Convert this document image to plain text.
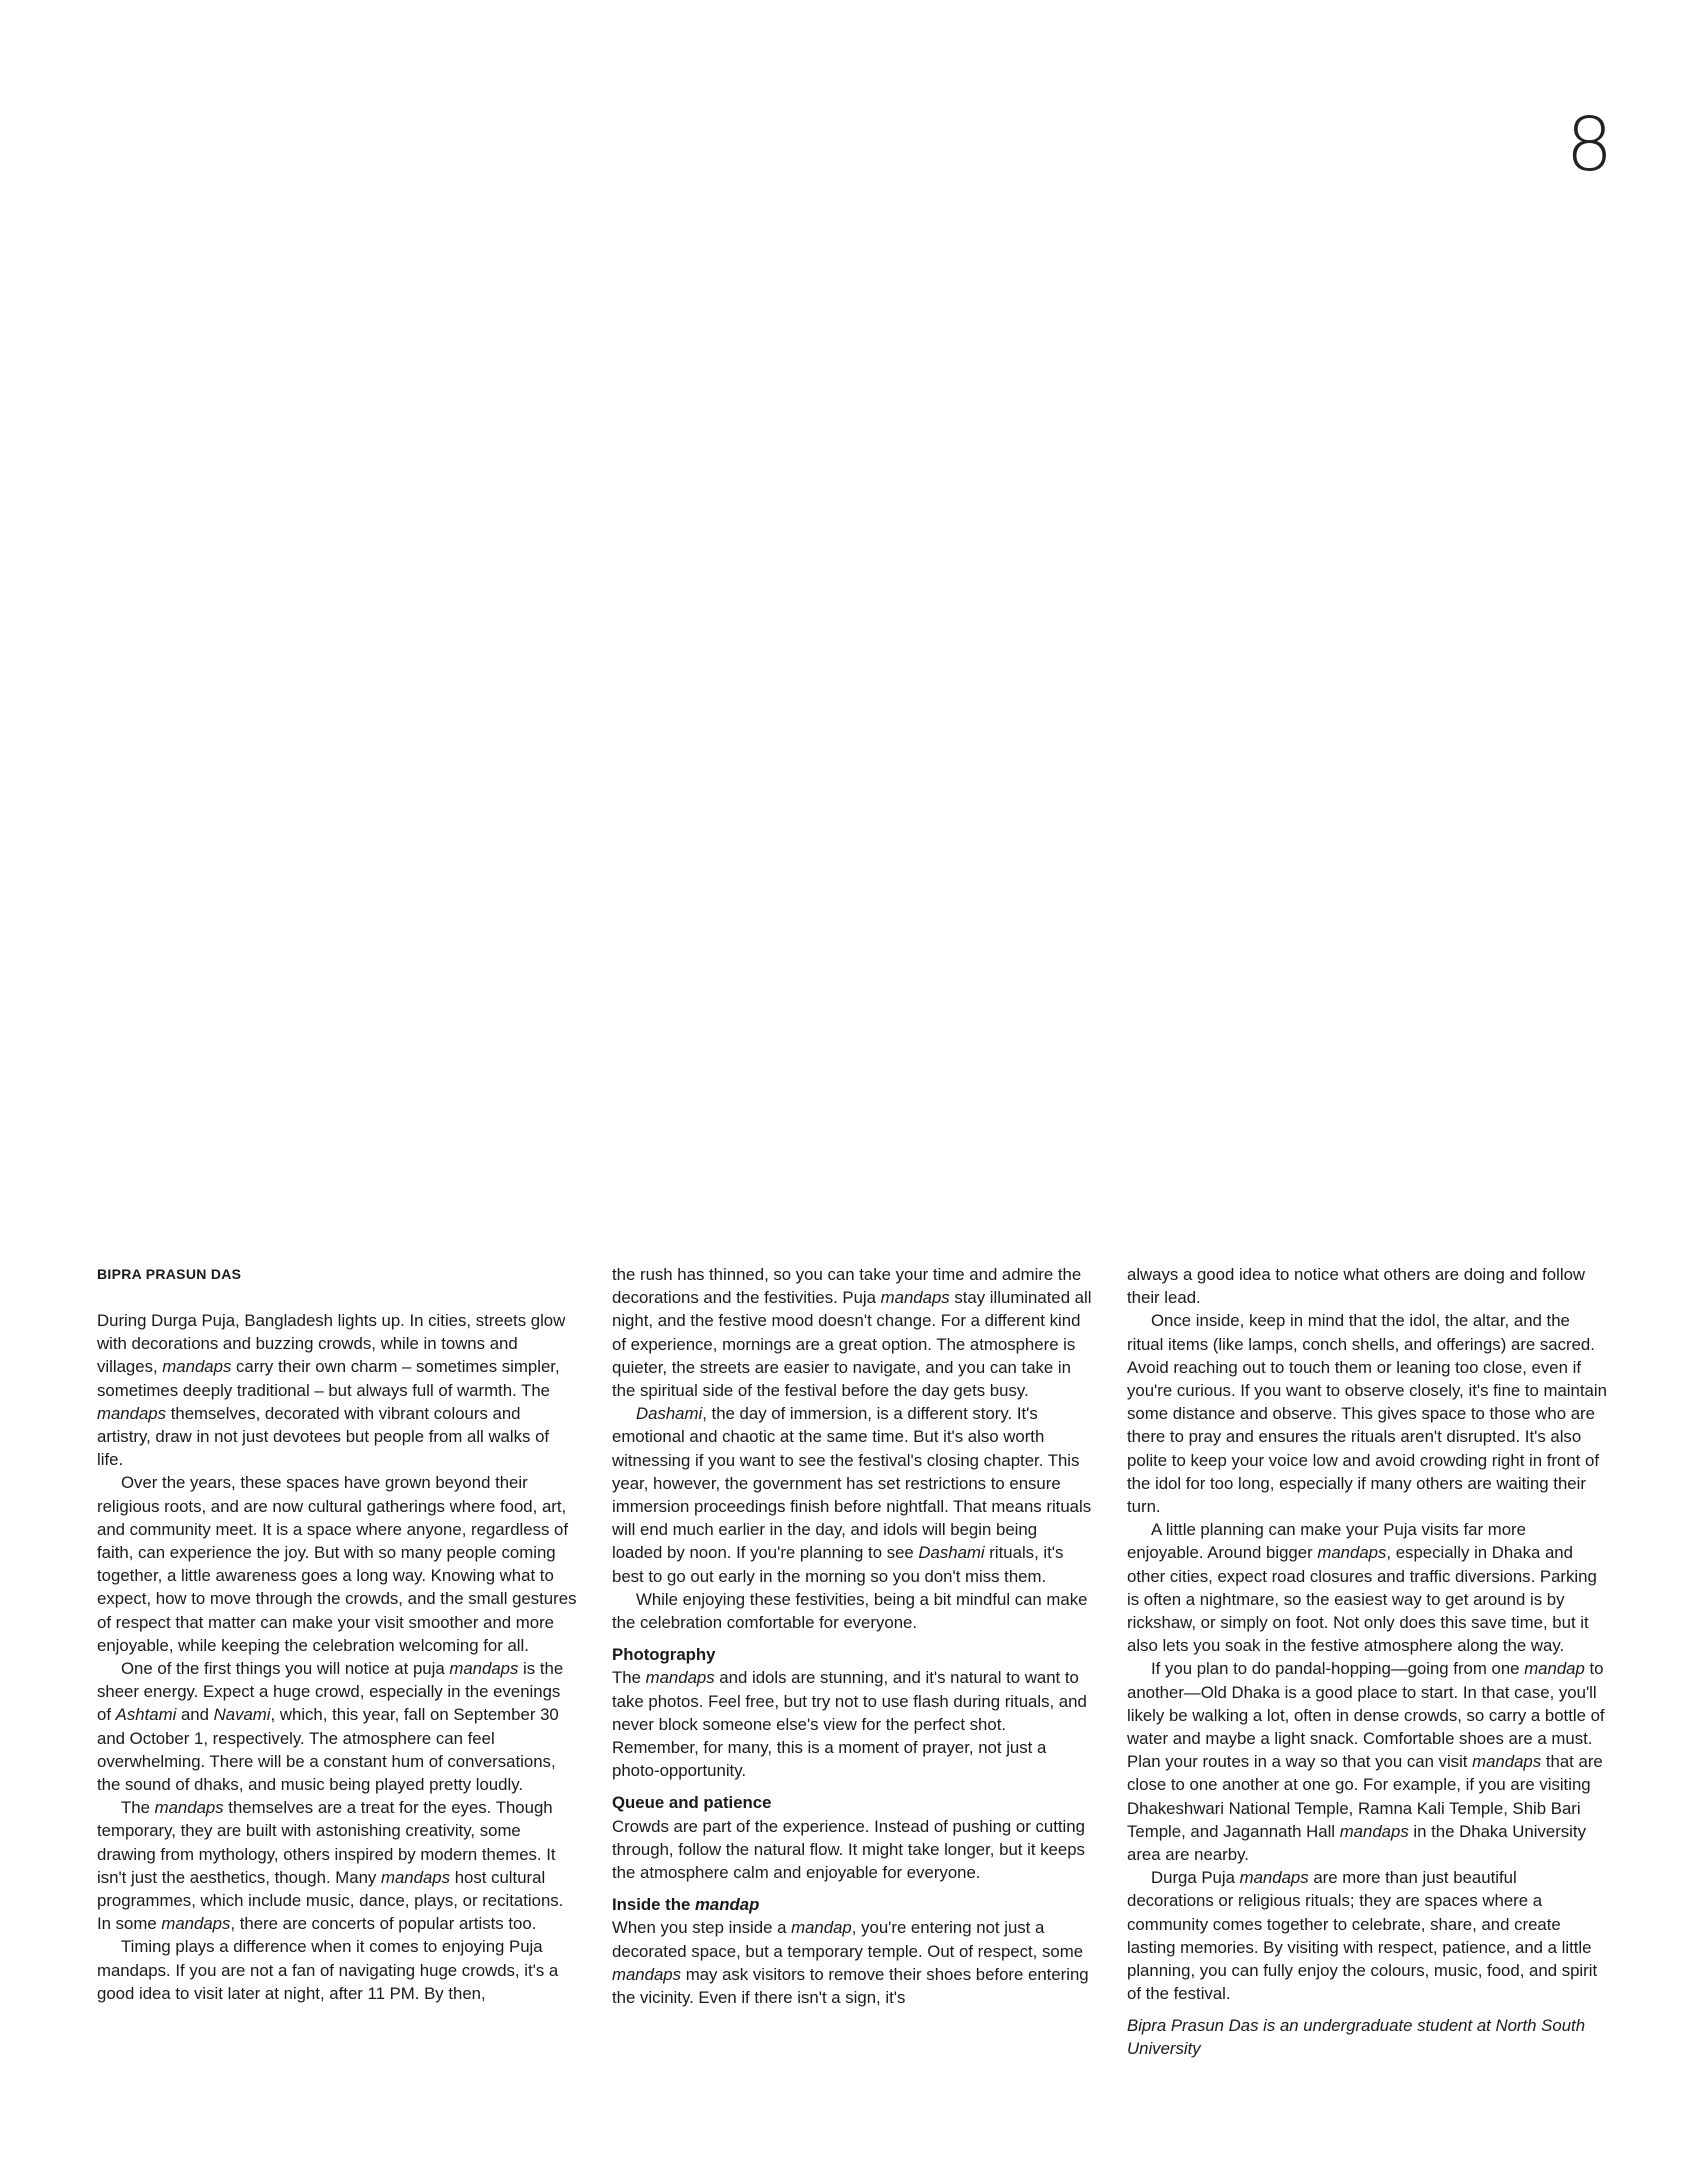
8
BIPRA PRASUN DAS

During Durga Puja, Bangladesh lights up. In cities, streets glow with decorations and buzzing crowds, while in towns and villages, mandaps carry their own charm – sometimes simpler, sometimes deeply traditional – but always full of warmth. The mandaps themselves, decorated with vibrant colours and artistry, draw in not just devotees but people from all walks of life.

Over the years, these spaces have grown beyond their religious roots, and are now cultural gatherings where food, art, and community meet. It is a space where anyone, regardless of faith, can experience the joy. But with so many people coming together, a little awareness goes a long way. Knowing what to expect, how to move through the crowds, and the small gestures of respect that matter can make your visit smoother and more enjoyable, while keeping the celebration welcoming for all.

One of the first things you will notice at puja mandaps is the sheer energy. Expect a huge crowd, especially in the evenings of Ashtami and Navami, which, this year, fall on September 30 and October 1, respectively. The atmosphere can feel overwhelming. There will be a constant hum of conversations, the sound of dhaks, and music being played pretty loudly.

The mandaps themselves are a treat for the eyes. Though temporary, they are built with astonishing creativity, some drawing from mythology, others inspired by modern themes. It isn't just the aesthetics, though. Many mandaps host cultural programmes, which include music, dance, plays, or recitations. In some mandaps, there are concerts of popular artists too.

Timing plays a difference when it comes to enjoying Puja mandaps. If you are not a fan of navigating huge crowds, it's a good idea to visit later at night, after 11 PM. By then,

the rush has thinned, so you can take your time and admire the decorations and the festivities. Puja mandaps stay illuminated all night, and the festive mood doesn't change. For a different kind of experience, mornings are a great option. The atmosphere is quieter, the streets are easier to navigate, and you can take in the spiritual side of the festival before the day gets busy.

Dashami, the day of immersion, is a different story. It's emotional and chaotic at the same time. But it's also worth witnessing if you want to see the festival's closing chapter. This year, however, the government has set restrictions to ensure immersion proceedings finish before nightfall. That means rituals will end much earlier in the day, and idols will begin being loaded by noon. If you're planning to see Dashami rituals, it's best to go out early in the morning so you don't miss them.

While enjoying these festivities, being a bit mindful can make the celebration comfortable for everyone.

Photography

The mandaps and idols are stunning, and it's natural to want to take photos. Feel free, but try not to use flash during rituals, and never block someone else's view for the perfect shot. Remember, for many, this is a moment of prayer, not just a photo-opportunity.

Queue and patience

Crowds are part of the experience. Instead of pushing or cutting through, follow the natural flow. It might take longer, but it keeps the atmosphere calm and enjoyable for everyone.

Inside the mandap

When you step inside a mandap, you're entering not just a decorated space, but a temporary temple. Out of respect, some mandaps may ask visitors to remove their shoes before entering the vicinity. Even if there isn't a sign, it's

always a good idea to notice what others are doing and follow their lead.

Once inside, keep in mind that the idol, the altar, and the ritual items (like lamps, conch shells, and offerings) are sacred. Avoid reaching out to touch them or leaning too close, even if you're curious. If you want to observe closely, it's fine to maintain some distance and observe. This gives space to those who are there to pray and ensures the rituals aren't disrupted. It's also polite to keep your voice low and avoid crowding right in front of the idol for too long, especially if many others are waiting their turn.

A little planning can make your Puja visits far more enjoyable. Around bigger mandaps, especially in Dhaka and other cities, expect road closures and traffic diversions. Parking is often a nightmare, so the easiest way to get around is by rickshaw, or simply on foot. Not only does this save time, but it also lets you soak in the festive atmosphere along the way.

If you plan to do pandal-hopping—going from one mandap to another—Old Dhaka is a good place to start. In that case, you'll likely be walking a lot, often in dense crowds, so carry a bottle of water and maybe a light snack. Comfortable shoes are a must. Plan your routes in a way so that you can visit mandaps that are close to one another at one go. For example, if you are visiting Dhakeshwari National Temple, Ramna Kali Temple, Shib Bari Temple, and Jagannath Hall mandaps in the Dhaka University area are nearby.

Durga Puja mandaps are more than just beautiful decorations or religious rituals; they are spaces where a community comes together to celebrate, share, and create lasting memories. By visiting with respect, patience, and a little planning, you can fully enjoy the colours, music, food, and spirit of the festival.

Bipra Prasun Das is an undergraduate student at North South University
